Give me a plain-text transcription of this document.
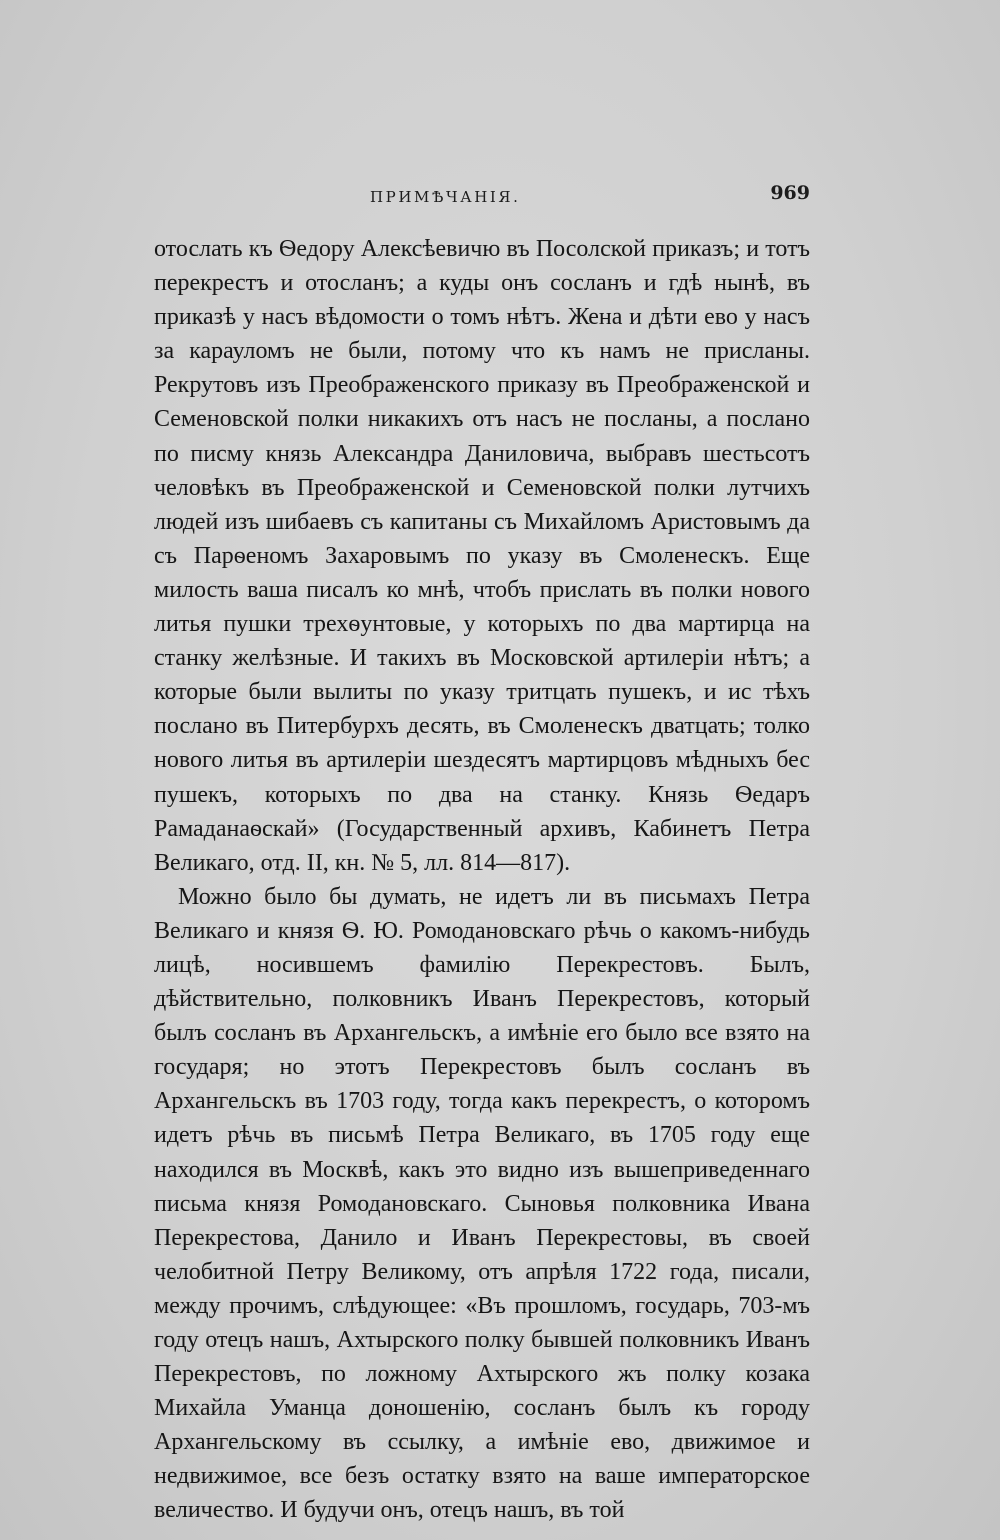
ПРИМѢЧАНІЯ.	969

отослать къ Ѳедору Алексѣевичю въ Посолской приказъ; и тотъ перекрестъ и отосланъ; а куды онъ сосланъ и гдѣ нынѣ, въ приказѣ у насъ вѣдомости о томъ нѣтъ. Жена и дѣти ево у насъ за карауломъ не были, потому что къ намъ не присланы. Рекрутовъ изъ Преображенского приказу въ Преображенской и Семеновской полки никакихъ отъ насъ не посланы, а послано по писму князь Александра Даниловича, выбравъ шестьсотъ человѣкъ въ Преображенской и Семеновской полки лутчихъ людей изъ шибаевъ съ капитаны съ Михайломъ Аристовымъ да съ Парѳеномъ Захаровымъ по указу въ Смоленескъ. Еще милость ваша писалъ ко мнѣ, чтобъ прислать въ полки нового литья пушки трехѳунтовые, у которыхъ по два мартирца на станку желѣзные. И такихъ въ Московской артилеріи нѣтъ; а которые были вылиты по указу тритцать пушекъ, и ис тѣхъ послано въ Питербурхъ десять, въ Смоленескъ дватцать; толко нового литья въ артилеріи шездесятъ мартирцовъ мѣдныхъ бес пушекъ, которыхъ по два на станку. Князь Ѳедаръ Рамаданаѳскай» (Государственный архивъ, Кабинетъ Петра Великаго, отд. II, кн. № 5, лл. 814—817).

Можно было бы думать, не идетъ ли въ письмахъ Петра Великаго и князя Ѳ. Ю. Ромодановскаго рѣчь о какомъ-нибудь лицѣ, носившемъ фамилію Перекрестовъ. Былъ, дѣйствительно, полковникъ Иванъ Перекрестовъ, который былъ сосланъ въ Архангельскъ, а имѣніе его было все взято на государя; но этотъ Перекрестовъ былъ сосланъ въ Архангельскъ въ 1703 году, тогда какъ перекрестъ, о которомъ идетъ рѣчь въ письмѣ Петра Великаго, въ 1705 году еще находился въ Москвѣ, какъ это видно изъ вышеприведеннаго письма князя Ромодановскаго. Сыновья полковника Ивана Перекрестова, Данило и Иванъ Перекрестовы, въ своей челобитной Петру Великому, отъ апрѣля 1722 года, писали, между прочимъ, слѣдующее: «Въ прошломъ, государь, 703-мъ году отецъ нашъ, Ахтырского полку бывшей полковникъ Иванъ Перекрестовъ, по ложному Ахтырского жъ полку козака Михайла Уманца доношенію, сосланъ былъ къ городу Архангельскому въ ссылку, а имѣніе ево, движимое и недвижимое, все безъ остатку взято на ваше императорское величество. И будучи онъ, отецъ нашъ, въ той
